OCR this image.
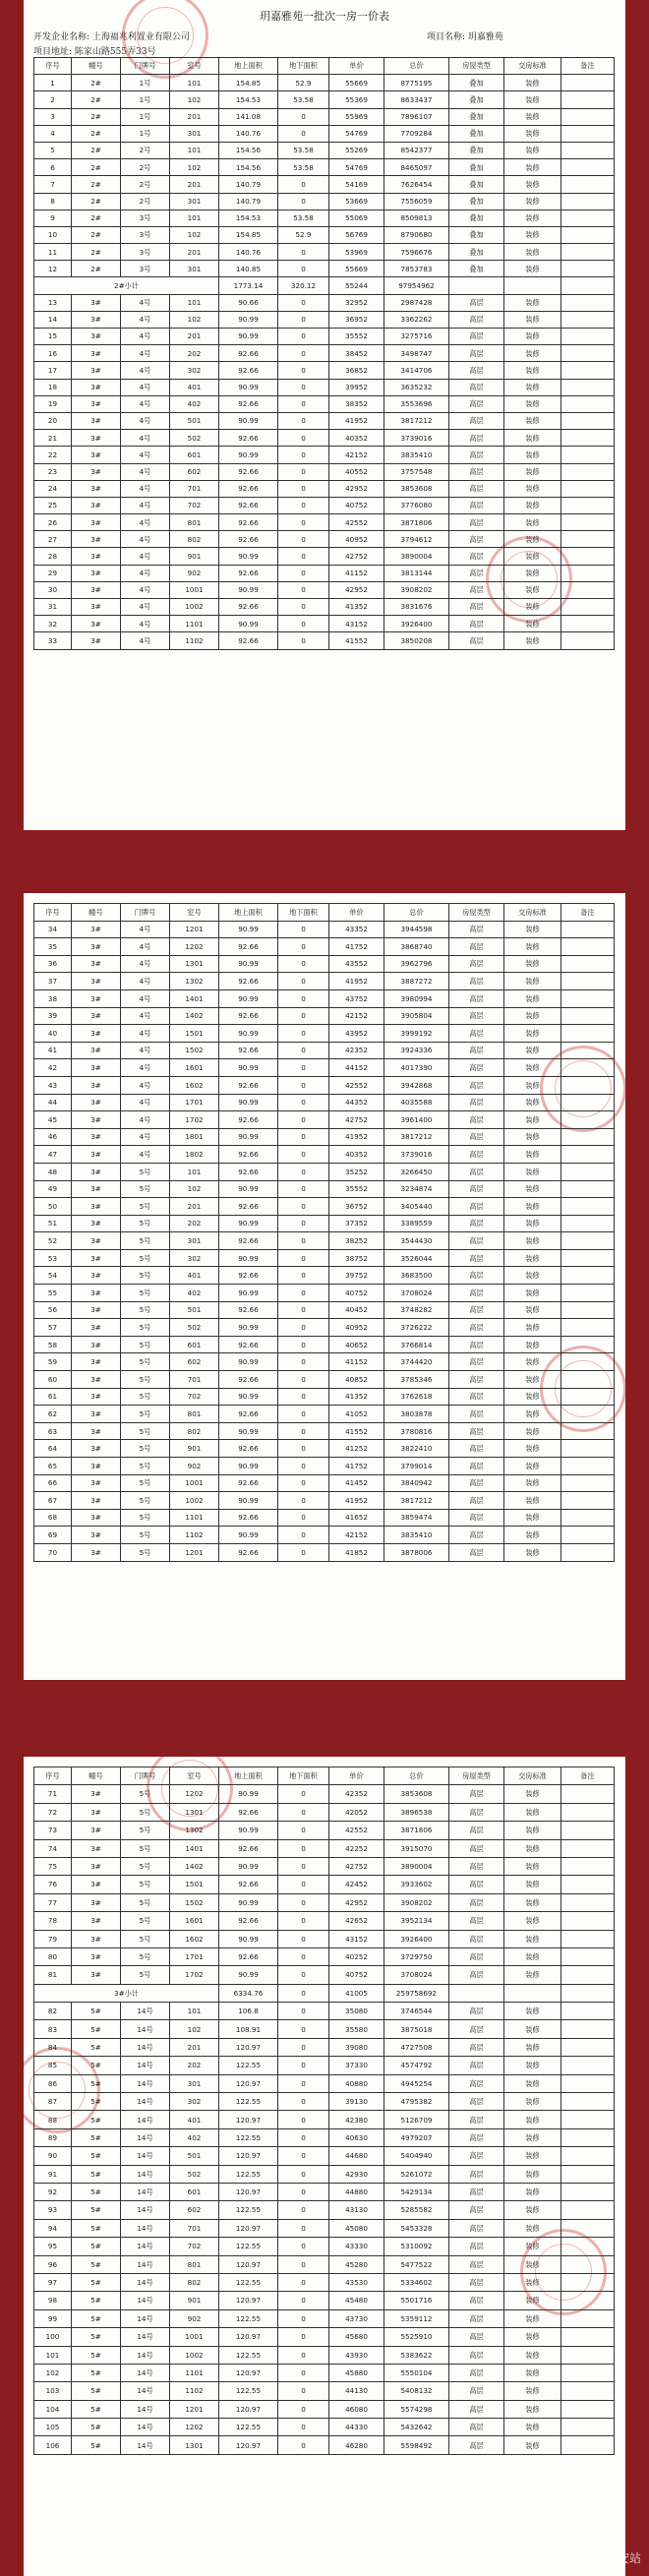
玥嘉雅苑一批次一房一价表
开发企业名称: 上海福兆利置业有限公司	项目名称: 玥嘉雅苑
项目地址: 陈家山路555弄33号
序号	幢号	门牌号	室号	地上面积	地下面积	单价	总价	房屋类型	交房标准	备注
1	2#	1号	101	154.85	52.9	55669	8775195	叠加	装修	
2	2#	1号	102	154.53	53.58	55369	8633437	叠加	装修	
3	2#	1号	201	141.08	0	55969	7896107	叠加	装修	
4	2#	1号	301	140.76	0	54769	7709284	叠加	装修	
5	2#	2号	101	154.56	53.58	55269	8542377	叠加	装修	
6	2#	2号	102	154.56	53.58	54769	8465097	叠加	装修	
7	2#	2号	201	140.79	0	54169	7626454	叠加	装修	
8	2#	2号	301	140.79	0	53669	7556059	叠加	装修	
9	2#	3号	101	154.53	53.58	55069	8509813	叠加	装修	
10	2#	3号	102	154.85	52.9	56769	8790680	叠加	装修	
11	2#	3号	201	140.76	0	53969	7596676	叠加	装修	
12	2#	3号	301	140.85	0	55669	7853783	叠加	装修	
2#小计				1773.14	320.12	55244	97954962			
13	3#	4号	101	90.66	0	32952	2987428	高层	装修	
14	3#	4号	102	90.99	0	36952	3362262	高层	装修	
15	3#	4号	201	90.99	0	35552	3275716	高层	装修	
16	3#	4号	202	92.66	0	38452	3498747	高层	装修	
17	3#	4号	302	92.66	0	36852	3414706	高层	装修	
18	3#	4号	401	90.99	0	39952	3635232	高层	装修	
19	3#	4号	402	92.66	0	38352	3553696	高层	装修	
20	3#	4号	501	90.99	0	41952	3817212	高层	装修	
21	3#	4号	502	92.66	0	40352	3739016	高层	装修	
22	3#	4号	601	90.99	0	42152	3835410	高层	装修	
23	3#	4号	602	92.66	0	40552	3757548	高层	装修	
24	3#	4号	701	92.66	0	42952	3853608	高层	装修	
25	3#	4号	702	92.66	0	40752	3776080	高层	装修	
26	3#	4号	801	92.66	0	42552	3871806	高层	装修	
27	3#	4号	802	92.66	0	40952	3794612	高层	装修	
28	3#	4号	901	90.99	0	42752	3890004	高层	装修	
29	3#	4号	902	92.66	0	41152	3813144	高层	装修	
30	3#	4号	1001	90.99	0	42952	3908202	高层	装修	
31	3#	4号	1002	92.66	0	41352	3831676	高层	装修	
32	3#	4号	1101	90.99	0	43152	3926400	高层	装修	
33	3#	4号	1102	92.66	0	41552	3850208	高层	装修	
序号	幢号	门牌号	室号	地上面积	地下面积	单价	总价	房屋类型	交房标准	备注
34	3#	4号	1201	90.99	0	43352	3944598	高层	装修	
35	3#	4号	1202	92.66	0	41752	3868740	高层	装修	
36	3#	4号	1301	90.99	0	43552	3962796	高层	装修	
37	3#	4号	1302	92.66	0	41952	3887272	高层	装修	
38	3#	4号	1401	90.99	0	43752	3980994	高层	装修	
39	3#	4号	1402	92.66	0	42152	3905804	高层	装修	
40	3#	4号	1501	90.99	0	43952	3999192	高层	装修	
41	3#	4号	1502	92.66	0	42352	3924336	高层	装修	
42	3#	4号	1601	90.99	0	44152	4017390	高层	装修	
43	3#	4号	1602	92.66	0	42552	3942868	高层	装修	
44	3#	4号	1701	90.99	0	44352	4035588	高层	装修	
45	3#	4号	1702	92.66	0	42752	3961400	高层	装修	
46	3#	4号	1801	90.99	0	41952	3817212	高层	装修	
47	3#	4号	1802	92.66	0	40352	3739016	高层	装修	
48	3#	5号	101	92.66	0	35252	3266450	高层	装修	
49	3#	5号	102	90.99	0	35552	3234874	高层	装修	
50	3#	5号	201	92.66	0	36752	3405440	高层	装修	
51	3#	5号	202	90.99	0	37352	3389559	高层	装修	
52	3#	5号	301	92.66	0	38252	3544430	高层	装修	
53	3#	5号	302	90.99	0	38752	3526044	高层	装修	
54	3#	5号	401	92.66	0	39752	3683500	高层	装修	
55	3#	5号	402	90.99	0	40752	3708024	高层	装修	
56	3#	5号	501	92.66	0	40452	3748282	高层	装修	
57	3#	5号	502	90.99	0	40952	3726222	高层	装修	
58	3#	5号	601	92.66	0	40652	3766814	高层	装修	
59	3#	5号	602	90.99	0	41152	3744420	高层	装修	
60	3#	5号	701	92.66	0	40852	3785346	高层	装修	
61	3#	5号	702	90.99	0	41352	3762618	高层	装修	
62	3#	5号	801	92.66	0	41052	3803878	高层	装修	
63	3#	5号	802	90.99	0	41552	3780816	高层	装修	
64	3#	5号	901	92.66	0	41252	3822410	高层	装修	
65	3#	5号	902	90.99	0	41752	3799014	高层	装修	
66	3#	5号	1001	92.66	0	41452	3840942	高层	装修	
67	3#	5号	1002	90.99	0	41952	3817212	高层	装修	
68	3#	5号	1101	92.66	0	41652	3859474	高层	装修	
69	3#	5号	1102	90.99	0	42152	3835410	高层	装修	
70	3#	5号	1201	92.66	0	41852	3878006	高层	装修	
序号	幢号	门牌号	室号	地上面积	地下面积	单价	总价	房屋类型	交房标准	备注
71	3#	5号	1202	90.99	0	42352	3853608	高层	装修	
72	3#	5号	1301	92.66	0	42052	3896538	高层	装修	
73	3#	5号	1302	90.99	0	42552	3871806	高层	装修	
74	3#	5号	1401	92.66	0	42252	3915070	高层	装修	
75	3#	5号	1402	90.99	0	42752	3890004	高层	装修	
76	3#	5号	1501	92.66	0	42452	3933602	高层	装修	
77	3#	5号	1502	90.99	0	42952	3908202	高层	装修	
78	3#	5号	1601	92.66	0	42652	3952134	高层	装修	
79	3#	5号	1602	90.99	0	43152	3926400	高层	装修	
80	3#	5号	1701	92.66	0	40252	3729750	高层	装修	
81	3#	5号	1702	90.99	0	40752	3708024	高层	装修	
3#小计				6334.76	0	41005	259758692			
82	5#	14号	101	106.8	0	35080	3746544	高层	装修	
83	5#	14号	102	108.91	0	35580	3875018	高层	装修	
84	5#	14号	201	120.97	0	39080	4727508	高层	装修	
85	5#	14号	202	122.55	0	37330	4574792	高层	装修	
86	5#	14号	301	120.97	0	40880	4945254	高层	装修	
87	5#	14号	302	122.55	0	39130	4795382	高层	装修	
88	5#	14号	401	120.97	0	42380	5126709	高层	装修	
89	5#	14号	402	122.55	0	40630	4979207	高层	装修	
90	5#	14号	501	120.97	0	44680	5404940	高层	装修	
91	5#	14号	502	122.55	0	42930	5261072	高层	装修	
92	5#	14号	601	120.97	0	44880	5429134	高层	装修	
93	5#	14号	602	122.55	0	43130	5285582	高层	装修	
94	5#	14号	701	120.97	0	45080	5453328	高层	装修	
95	5#	14号	702	122.55	0	43330	5310092	高层	装修	
96	5#	14号	801	120.97	0	45280	5477522	高层	装修	
97	5#	14号	802	122.55	0	43530	5334602	高层	装修	
98	5#	14号	901	120.97	0	45480	5501716	高层	装修	
99	5#	14号	902	122.55	0	43730	5359112	高层	装修	
100	5#	14号	1001	120.97	0	45680	5525910	高层	装修	
101	5#	14号	1002	122.55	0	43930	5383622	高层	装修	
102	5#	14号	1101	120.97	0	45880	5550104	高层	装修	
103	5#	14号	1102	122.55	0	44130	5408132	高层	装修	
104	5#	14号	1201	120.97	0	46080	5574298	高层	装修	
105	5#	14号	1202	122.55	0	44330	5432642	高层	装修	
106	5#	14号	1301	120.97	0	46280	5598492	高层	装修	
搜狐号@搜狐焦点广安站
